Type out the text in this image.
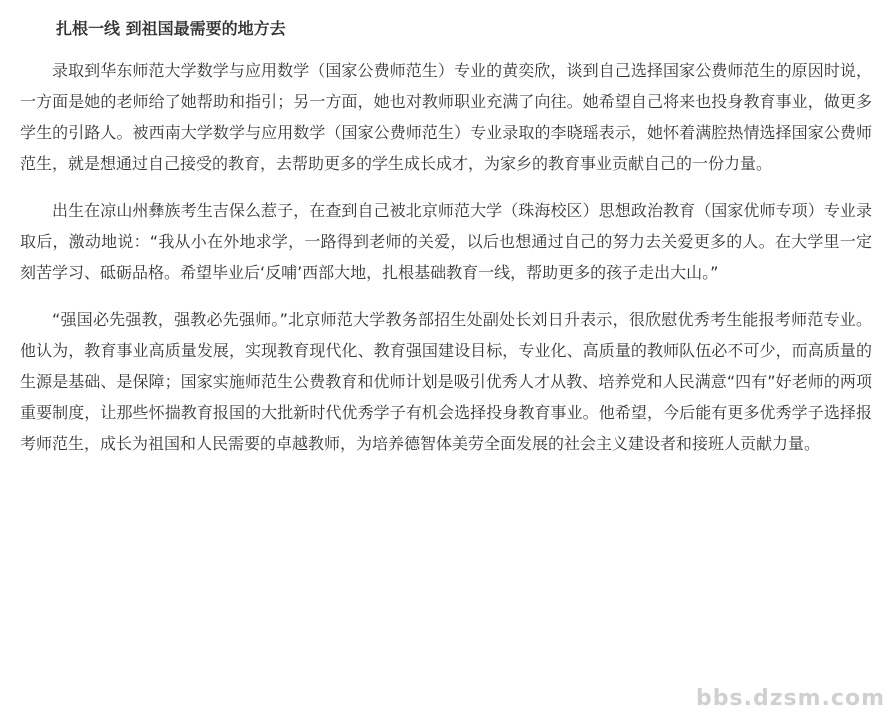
扎根一线 到祖国最需要的地方去

录取到华东师范大学数学与应用数学（国家公费师范生）专业的黄奕欣，谈到自己选择国家公费师范生的原因时说，一方面是她的老师给了她帮助和指引；另一方面，她也对教师职业充满了向往。她希望自己将来也投身教育事业，做更多学生的引路人。被西南大学数学与应用数学（国家公费师范生）专业录取的李晓瑶表示，她怀着满腔热情选择国家公费师范生，就是想通过自己接受的教育，去帮助更多的学生成长成才，为家乡的教育事业贡献自己的一份力量。

出生在凉山州彝族考生吉保么惹子，在查到自己被北京师范大学（珠海校区）思想政治教育（国家优师专项）专业录取后，激动地说：“我从小在外地求学，一路得到老师的关爱，以后也想通过自己的努力去关爱更多的人。在大学里一定刻苦学习、砥砺品格。希望毕业后‘反哺’西部大地，扎根基础教育一线，帮助更多的孩子走出大山。”

“强国必先强教，强教必先强师。”北京师范大学教务部招生处副处长刘日升表示，很欣慰优秀考生能报考师范专业。他认为，教育事业高质量发展，实现教育现代化、教育强国建设目标，专业化、高质量的教师队伍必不可少，而高质量的生源是基础、是保障；国家实施师范生公费教育和优师计划是吸引优秀人才从教、培养党和人民满意“四有”好老师的两项重要制度，让那些怀揣教育报国的大批新时代优秀学子有机会选择投身教育事业。他希望，今后能有更多优秀学子选择报考师范生，成长为祖国和人民需要的卓越教师，为培养德智体美劳全面发展的社会主义建设者和接班人贡献力量。

bbs.dzsm.com
